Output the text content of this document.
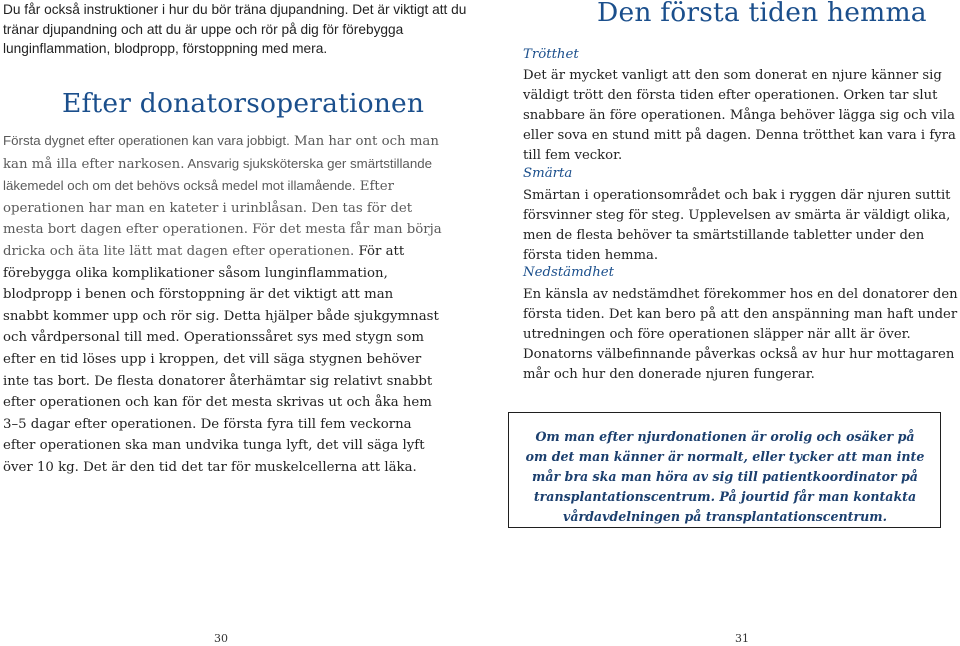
Du får också instruktioner i hur du bör träna djupandning. Det är viktigt att du tränar djupandning och att du är uppe och rör på dig för förebygga lunginflammation, blodpropp, förstoppning med mera.

Efter donatorsoperationen

Första dygnet efter operationen kan vara jobbigt. Man har ont och man kan må illa efter narkosen. Ansvarig sjuksköterska ger smärtstillande läkemedel och om det behövs också medel mot illamående. Efter operationen har man en kateter i urinblåsan. Den tas för det mesta bort dagen efter operationen. För det mesta får man börja dricka och äta lite lätt mat dagen efter operationen. För att förebygga olika komplikationer såsom lunginflammation, blodpropp i benen och förstoppning är det viktigt att man snabbt kommer upp och rör sig. Detta hjälper både sjukgymnast och vårdpersonal till med. Operationssåret sys med stygn som efter en tid löses upp i kroppen, det vill säga stygnen behöver inte tas bort. De flesta donatorer återhämtar sig relativt snabbt efter operationen och kan för det mesta skrivas ut och åka hem 3–5 dagar efter operationen. De första fyra till fem veckorna efter operationen ska man undvika tunga lyft, det vill säga lyft över 10 kg. Det är den tid det tar för muskelcellerna att läka.

30

Den första tiden hemma

Trötthet

Det är mycket vanligt att den som donerat en njure känner sig väldigt trött den första tiden efter operationen. Orken tar slut snabbare än före operationen. Många behöver lägga sig och vila eller sova en stund mitt på dagen. Denna trötthet kan vara i fyra till fem veckor.

Smärta

Smärtan i operationsområdet och bak i ryggen där njuren suttit försvinner steg för steg. Upplevelsen av smärta är väldigt olika, men de flesta behöver ta smärtstillande tabletter under den första tiden hemma.

Nedstämdhet

En känsla av nedstämdhet förekommer hos en del donatorer den första tiden. Det kan bero på att den anspänning man haft under utredningen och före operationen släpper när allt är över. Donatorns välbefinnande påverkas också av hur hur mottagaren mår och hur den donerade njuren fungerar.

Om man efter njurdonationen är orolig och osäker på om det man känner är normalt, eller tycker att man inte mår bra ska man höra av sig till patientkoordinator på transplantationscentrum. På jourtid får man kontakta vårdavdelningen på transplantationscentrum.

31
